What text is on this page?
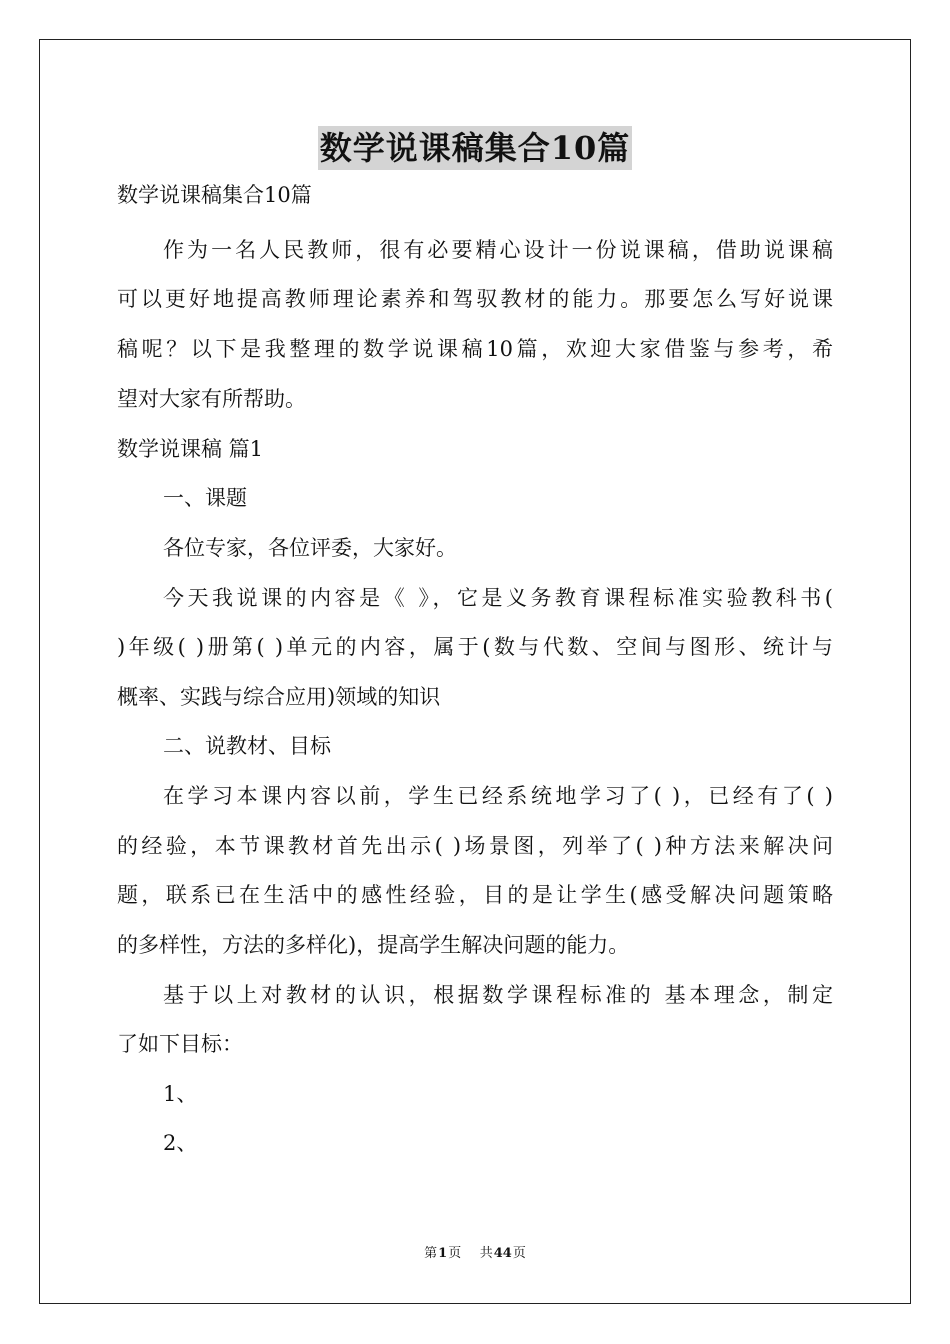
数学说课稿集合10篇
数学说课稿集合10篇
作为一名人民教师，很有必要精心设计一份说课稿，借助说课稿
可以更好地提高教师理论素养和驾驭教材的能力。那要怎么写好说课
稿呢？以下是我整理的数学说课稿10篇，欢迎大家借鉴与参考，希
望对大家有所帮助。
数学说课稿 篇1
一、课题
各位专家，各位评委，大家好。
今天我说课的内容是《 》，它是义务教育课程标准实验教科书(
)年级( )册第( )单元的内容，属于(数与代数、空间与图形、统计与
概率、实践与综合应用)领域的知识
二、说教材、目标
在学习本课内容以前，学生已经系统地学习了( )，已经有了( )
的经验，本节课教材首先出示( )场景图，列举了( )种方法来解决问
题，联系已在生活中的感性经验，目的是让学生(感受解决问题策略
的多样性，方法的多样化)，提高学生解决问题的能力。
基于以上对教材的认识，根据数学课程标准的 基本理念，制定
了如下目标：
1、
2、
第1页 共44页
